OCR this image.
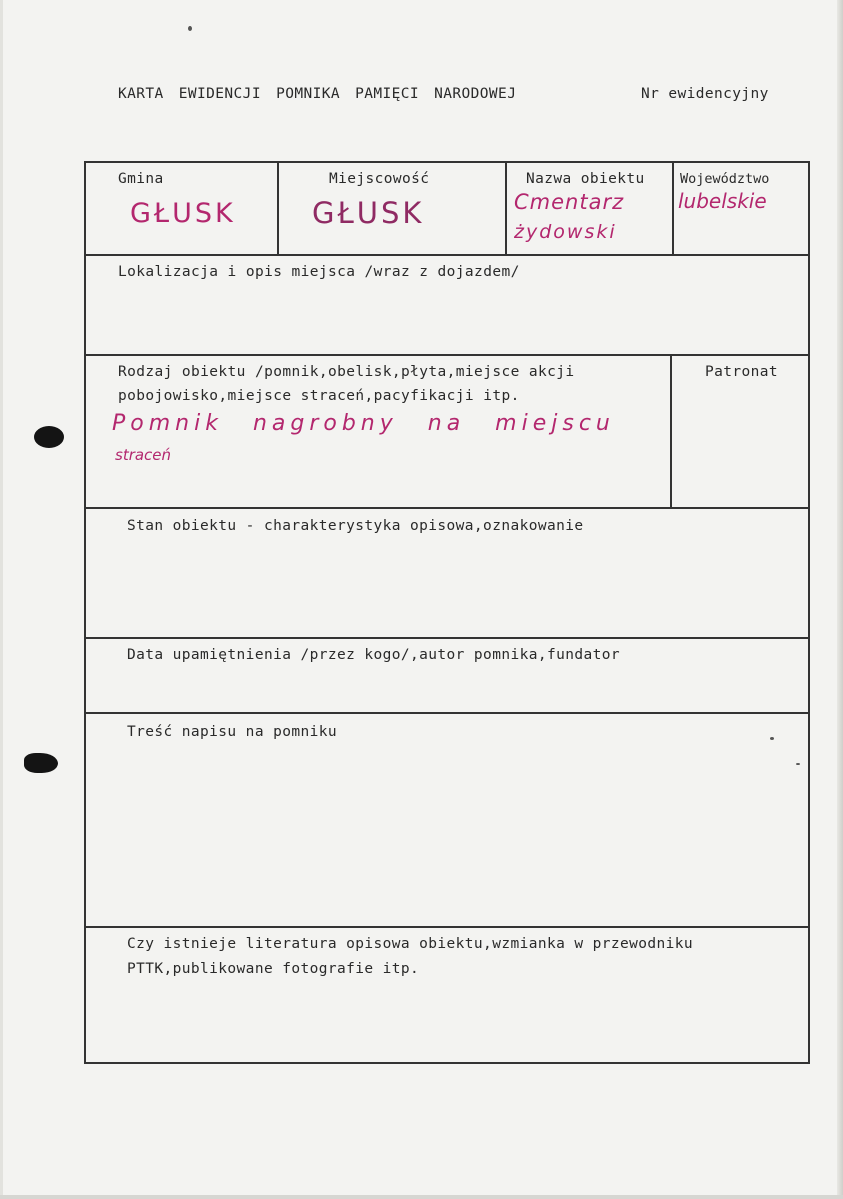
KARTA EWIDENCJI POMNIKA PAMIĘCI NARODOWEJ	Nr ewidencyjny
Gmina
GŁUSK
Miejscowość
GŁUSK
Nazwa obiektu
Cmentarz
żydowski
Województwo
lubelskie
Lokalizacja i opis miejsca /wraz z dojazdem/
Rodzaj obiektu /pomnik,obelisk,płyta,miejsce akcji
pobojowisko,miejsce straceń,pacyfikacji itp.
Pomnik nagrobny na miejscu
straceń
Patronat
Stan obiektu - charakterystyka opisowa,oznakowanie
Data upamiętnienia /przez kogo/,autor pomnika,fundator
Treść napisu na pomniku
Czy istnieje literatura opisowa obiektu,wzmianka w przewodniku
PTTK,publikowane fotografie itp.
